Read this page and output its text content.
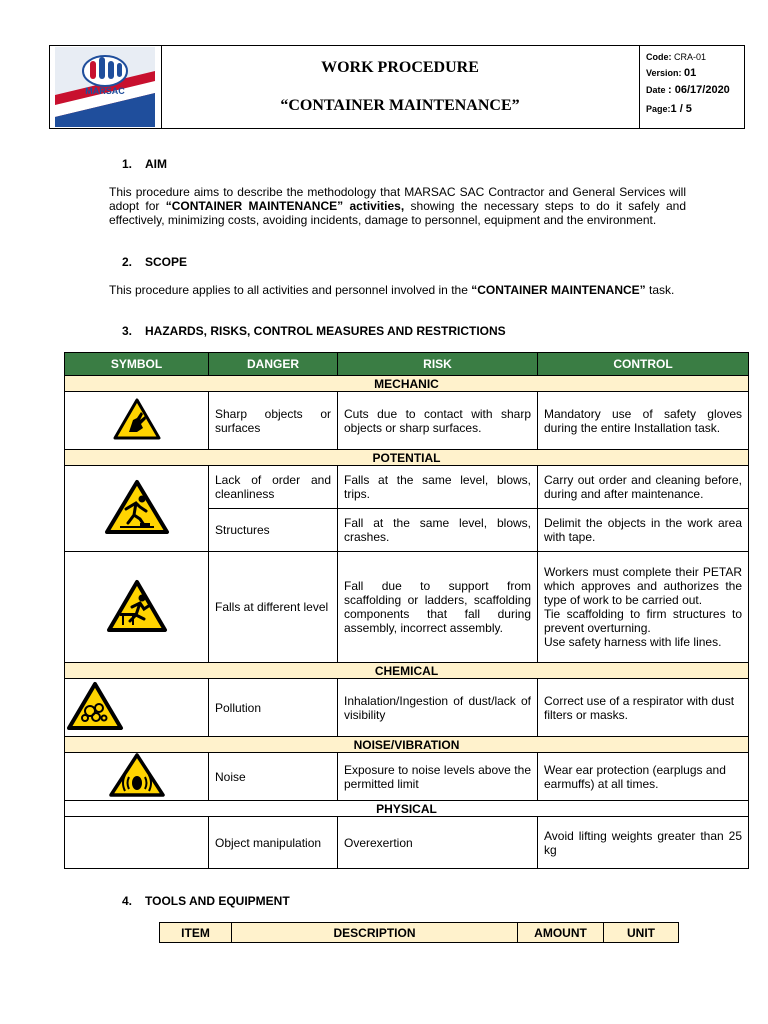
MARSAC
WORK PROCEDURE
“CONTAINER MAINTENANCE”
Code: CRA-01
Version: 01
Date : 06/17/2020
Page:1 / 5
1. AIM
This procedure aims to describe the methodology that MARSAC SAC Contractor and General Services will adopt for “CONTAINER MAINTENANCE” activities, showing the necessary steps to do it safely and effectively, minimizing costs, avoiding incidents, damage to personnel, equipment and the environment.
2. SCOPE
This procedure applies to all activities and personnel involved in the “CONTAINER MAINTENANCE” task.
3. HAZARDS, RISKS, CONTROL MEASURES AND RESTRICTIONS
SYMBOL	DANGER	RISK	CONTROL
MECHANIC			
	Sharp objects or surfaces	Cuts due to contact with sharp objects or sharp surfaces.	Mandatory use of safety gloves during the entire Installation task.
POTENTIAL			
	Lack of order and cleanliness	Falls at the same level, blows, trips.	Carry out order and cleaning before, during and after maintenance.
	Structures	Fall at the same level, blows, crashes.	Delimit the objects in the work area with tape.
	Falls at different level	Fall due to support from scaffolding or ladders, scaffolding components that fall during assembly, incorrect assembly.	Workers must complete their PETAR which approves and authorizes the type of work to be carried out.
Tie scaffolding to firm structures to prevent overturning.
Use safety harness with life lines.

CHEMICAL			
	Pollution	Inhalation/Ingestion of dust/lack of visibility	Correct use of a respirator with dust filters or masks.
NOISE/VIBRATION			
	Noise	Exposure to noise levels above the permitted limit	Wear ear protection (earplugs and earmuffs) at all times.
PHYSICAL			
	Object manipulation	Overexertion	Avoid lifting weights greater than 25 kg
4. TOOLS AND EQUIPMENT
ITEM	DESCRIPTION	AMOUNT	UNIT
